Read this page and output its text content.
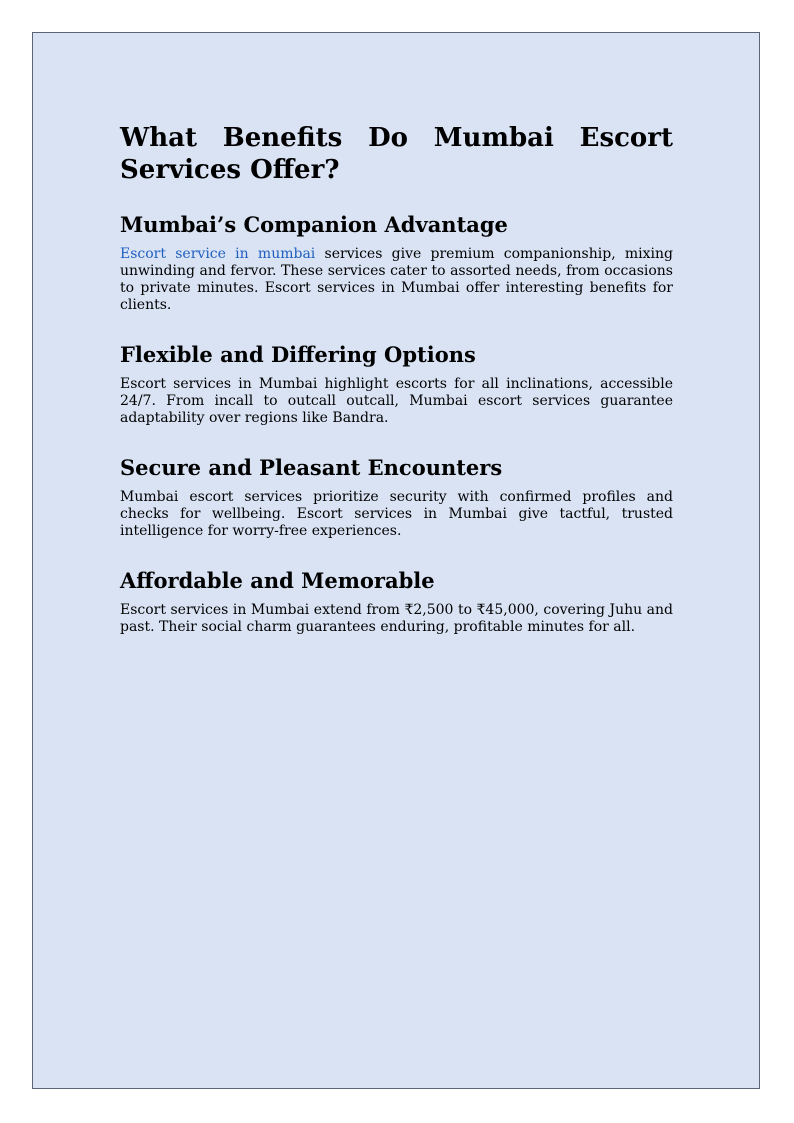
What Benefits Do Mumbai Escort Services Offer?
Mumbai’s Companion Advantage

Escort service in mumbai services give premium companionship, mixing unwinding and fervor. These services cater to assorted needs, from occasions to private minutes. Escort services in Mumbai offer interesting benefits for clients.

Flexible and Differing Options

Escort services in Mumbai highlight escorts for all inclinations, accessible 24/7. From incall to outcall outcall, Mumbai escort services guarantee adaptability over regions like Bandra.

Secure and Pleasant Encounters

Mumbai escort services prioritize security with confirmed profiles and checks for wellbeing. Escort services in Mumbai give tactful, trusted intelligence for worry-free experiences.

Affordable and Memorable

Escort services in Mumbai extend from ₹2,500 to ₹45,000, covering Juhu and past. Their social charm guarantees enduring, profitable minutes for all.
